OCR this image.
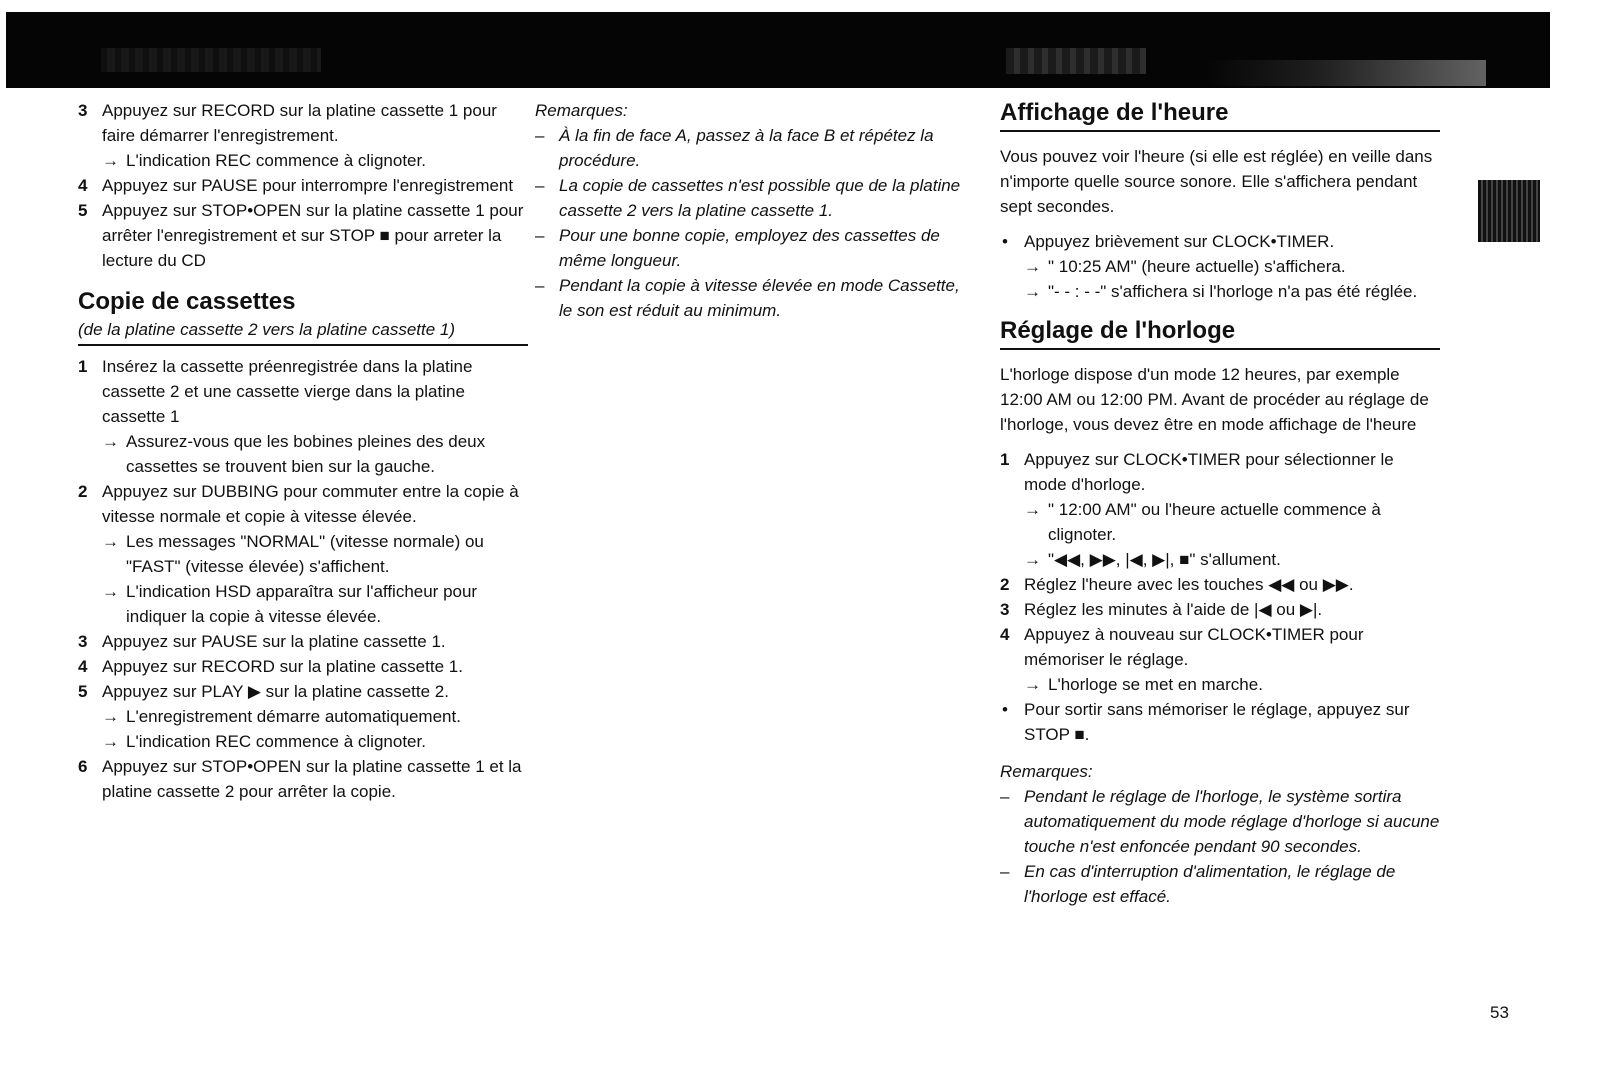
3 Appuyez sur RECORD sur la platine cassette 1 pour faire démarrer l'enregistrement.
→ L'indication REC commence à clignoter.
4 Appuyez sur PAUSE pour interrompre l'enregistrement
5 Appuyez sur STOP•OPEN sur la platine cassette 1 pour arrêter l'enregistrement et sur STOP ■ pour arreter la lecture du CD
Copie de cassettes
(de la platine cassette 2 vers la platine cassette 1)
1 Insérez la cassette préenregistrée dans la platine cassette 2 et une cassette vierge dans la platine cassette 1
→ Assurez-vous que les bobines pleines des deux cassettes se trouvent bien sur la gauche.
2 Appuyez sur DUBBING pour commuter entre la copie à vitesse normale et copie à vitesse élevée.
→ Les messages "NORMAL" (vitesse normale) ou "FAST" (vitesse élevée) s'affichent.
→ L'indication HSD apparaîtra sur l'afficheur pour indiquer la copie à vitesse élevée.
3 Appuyez sur PAUSE sur la platine cassette 1.
4 Appuyez sur RECORD sur la platine cassette 1.
5 Appuyez sur PLAY ▶ sur la platine cassette 2.
→ L'enregistrement démarre automatiquement.
→ L'indication REC commence à clignoter.
6 Appuyez sur STOP•OPEN sur la platine cassette 1 et la platine cassette 2 pour arrêter la copie.
Remarques:
– À la fin de face A, passez à la face B et répétez la procédure.
– La copie de cassettes n'est possible que de la platine cassette 2 vers la platine cassette 1.
– Pour une bonne copie, employez des cassettes de même longueur.
– Pendant la copie à vitesse élevée en mode Cassette, le son est réduit au minimum.
Affichage de l'heure
Vous pouvez voir l'heure (si elle est réglée) en veille dans n'importe quelle source sonore. Elle s'affichera pendant sept secondes.
• Appuyez brièvement sur CLOCK•TIMER.
→ " 10:25 AM" (heure actuelle) s'affichera.
→ "- - : - -" s'affichera si l'horloge n'a pas été réglée.
Réglage de l'horloge
L'horloge dispose d'un mode 12 heures, par exemple 12:00 AM ou 12:00 PM. Avant de procéder au réglage de l'horloge, vous devez être en mode affichage de l'heure
1 Appuyez sur CLOCK•TIMER pour sélectionner le mode d'horloge.
→ " 12:00 AM" ou l'heure actuelle commence à clignoter.
→ "◀◀, ▶▶, |◀, ▶|, ■" s'allument.
2 Réglez l'heure avec les touches ◀◀ ou ▶▶.
3 Réglez les minutes à l'aide de |◀ ou ▶|.
4 Appuyez à nouveau sur CLOCK•TIMER pour mémoriser le réglage.
→ L'horloge se met en marche.
• Pour sortir sans mémoriser le réglage, appuyez sur STOP ■.
Remarques:
– Pendant le réglage de l'horloge, le système sortira automatiquement du mode réglage d'horloge si aucune touche n'est enfoncée pendant 90 secondes.
– En cas d'interruption d'alimentation, le réglage de l'horloge est effacé.
53
